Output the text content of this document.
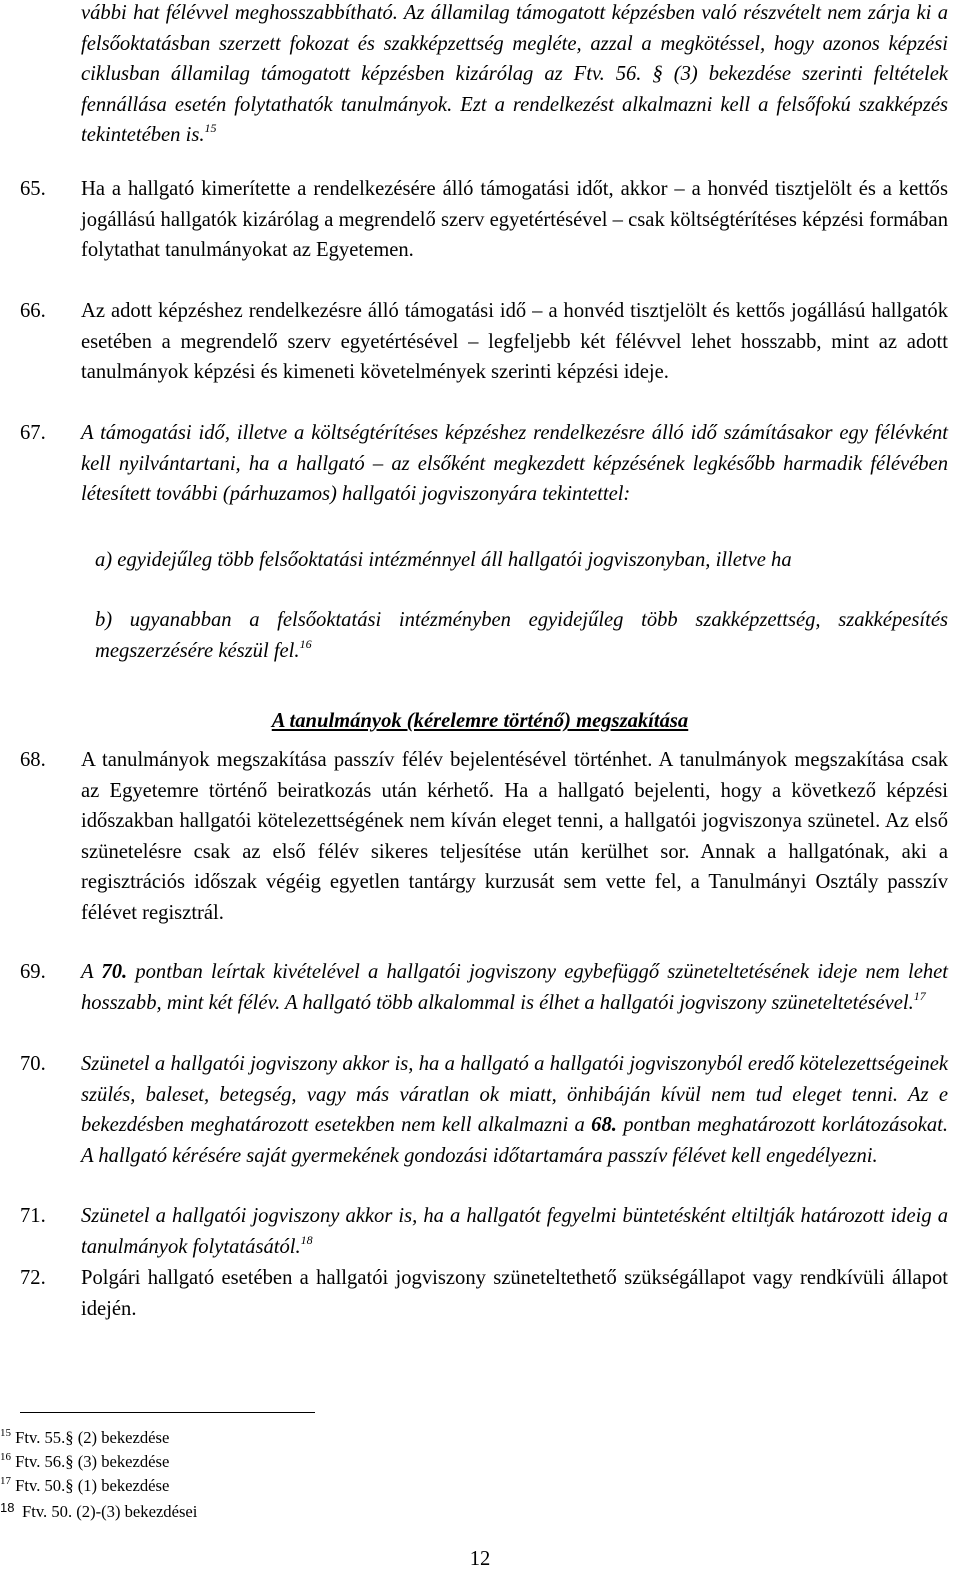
vábbi hat félévvel meghosszabbítható. Az államilag támogatott képzésben való részvételt nem zárja ki a felsőoktatásban szerzett fokozat és szakképzettség megléte, azzal a megkötéssel, hogy azonos képzési ciklusban államilag támogatott képzésben kizárólag az Ftv. 56. § (3) bekezdése szerinti feltételek fennállása esetén folytathatók tanulmányok. Ezt a rendelkezést alkalmazni kell a felsőfokú szakképzés tekintetében is.$^{15}$
65.	Ha a hallgató kimerítette a rendelkezésére álló támogatási időt, akkor – a honvéd tisztjelölt és a kettős jogállású hallgatók kizárólag a megrendelő szerv egyetértésével – csak költségtérítéses képzési formában folytathat tanulmányokat az Egyetemen.
66.	Az adott képzéshez rendelkezésre álló támogatási idő – a honvéd tisztjelölt és kettős jogállású hallgatók esetében a megrendelő szerv egyetértésével – legfeljebb két félévvel lehet hosszabb, mint az adott tanulmányok képzési és kimeneti követelmények szerinti képzési ideje.
67.	A támogatási idő, illetve a költségtérítéses képzéshez rendelkezésre álló idő számításakor egy félévként kell nyilvántartani, ha a hallgató – az elsőként megkezdett képzésének legkésőbb harmadik félévében létesített további (párhuzamos) hallgatói jogviszonyára tekintettel:
a) egyidejűleg több felsőoktatási intézménnyel áll hallgatói jogviszonyban, illetve ha
b) ugyanabban a felsőoktatási intézményben egyidejűleg több szakképzettség, szakképesítés megszerzésére készül fel.$^{16}$
A tanulmányok (kérelemre történő) megszakítása
68.	A tanulmányok megszakítása passzív félév bejelentésével történhet. A tanulmányok megszakítása csak az Egyetemre történő beiratkozás után kérhető. Ha a hallgató bejelenti, hogy a következő képzési időszakban hallgatói kötelezettségének nem kíván eleget tenni, a hallgatói jogviszonya szünetel. Az első szünetelésre csak az első félév sikeres teljesítése után kerülhet sor. Annak a hallgatónak, aki a regisztrációs időszak végéig egyetlen tantárgy kurzusát sem vette fel, a Tanulmányi Osztály passzív félévet regisztrál.
69.	A 70. pontban leírtak kivételével a hallgatói jogviszony egybefüggő szüneteltetésének ideje nem lehet hosszabb, mint két félév. A hallgató több alkalommal is élhet a hallgatói jogviszony szüneteltetésével.$^{17}$
70.	Szünetel a hallgatói jogviszony akkor is, ha a hallgató a hallgatói jogviszonyból eredő kötelezettségeinek szülés, baleset, betegség, vagy más váratlan ok miatt, önhibáján kívül nem tud eleget tenni. Az e bekezdésben meghatározott esetekben nem kell alkalmazni a 68. pontban meghatározott korlátozásokat. A hallgató kérésére saját gyermekének gondozási időtartamára passzív félévet kell engedélyezni.
71.	Szünetel a hallgatói jogviszony akkor is, ha a hallgatót fegyelmi büntetésként eltiltják határozott ideig a tanulmányok folytatásától.$^{18}$
72.	Polgári hallgató esetében a hallgatói jogviszony szüneteltethető szükségállapot vagy rendkívüli állapot idején.
$^{15}$ Ftv. 55.§ (2) bekezdése
$^{16}$ Ftv. 56.§ (3) bekezdése
$^{17}$ Ftv. 50.§ (1) bekezdése
18 Ftv. 50. (2)-(3) bekezdései
12
